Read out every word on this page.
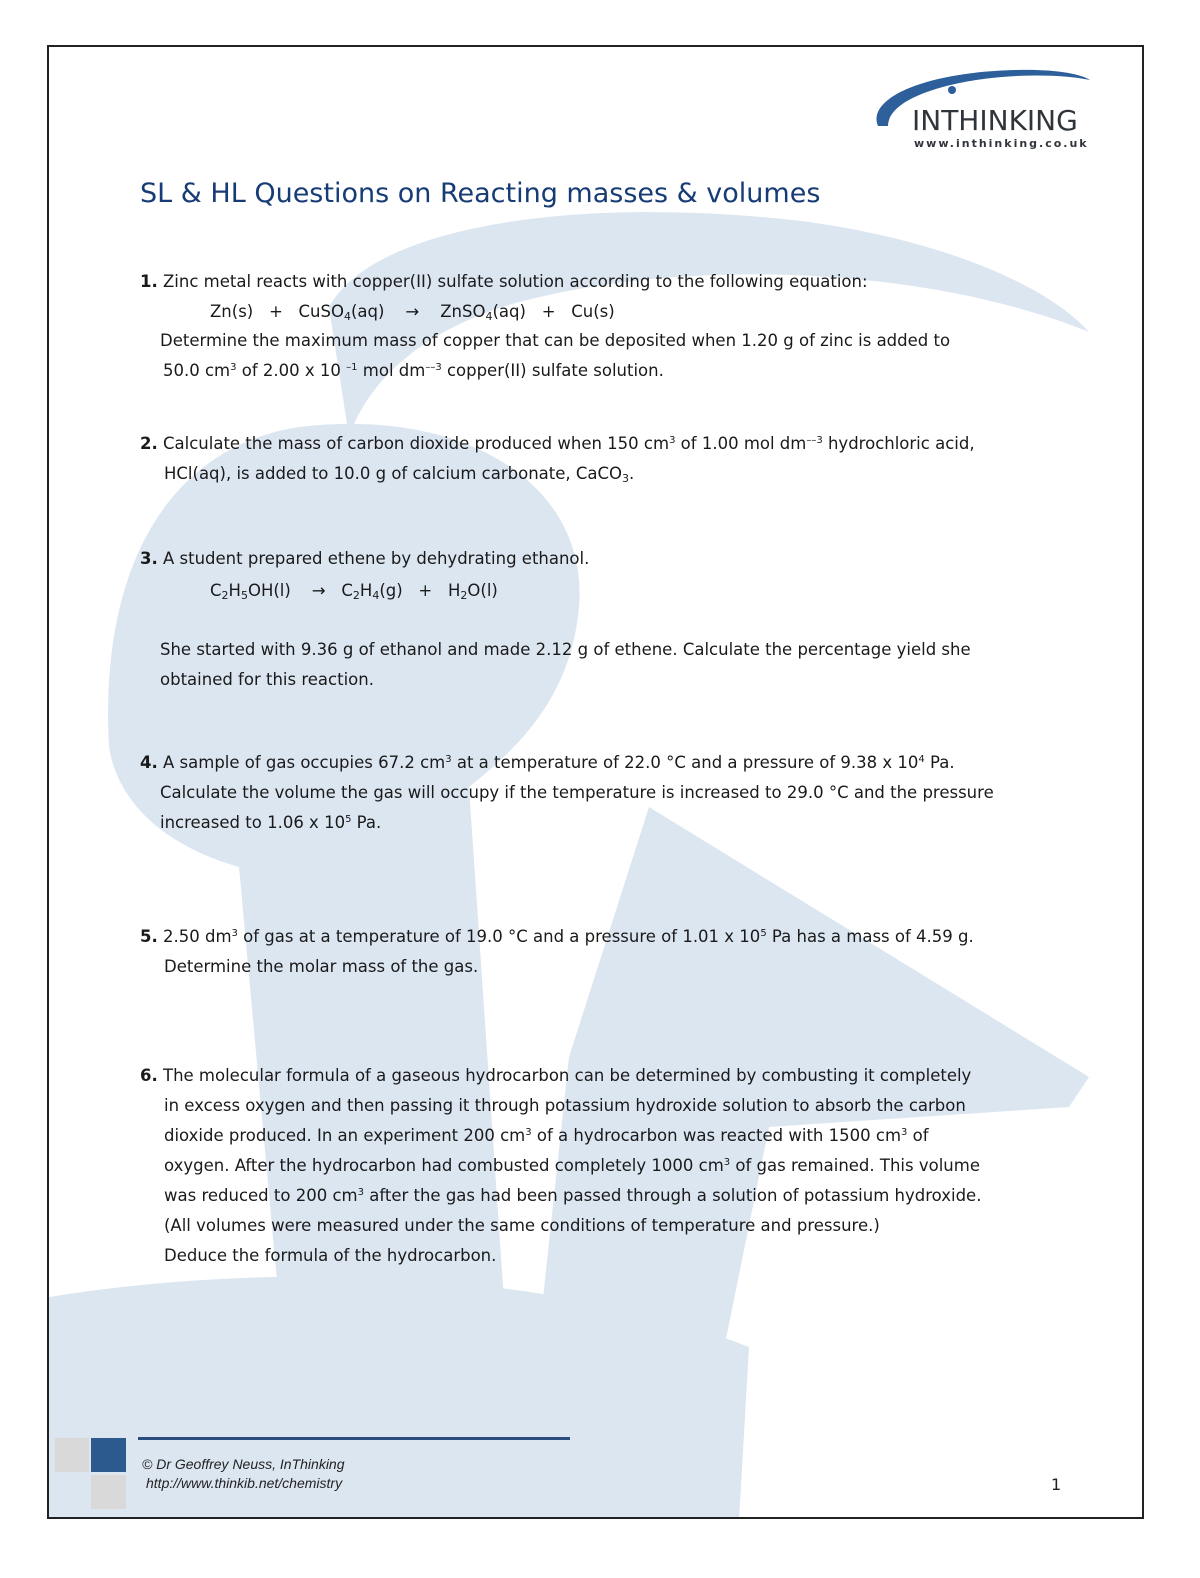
INTHINKING
www.inthinking.co.uk
SL & HL Questions on Reacting masses & volumes
1. Zinc metal reacts with copper(II) sulfate solution according to the following equation:
Zn(s)   +   CuSO$_4$(aq)    →    ZnSO$_4$(aq)   +   Cu(s)
Determine the maximum mass of copper that can be deposited when 1.20 g of zinc is added to
50.0 $cm^3$ of 2.00 x 10 $^{-1}$ mol $dm^{--3}$ copper(II) sulfate solution.
2. Calculate the mass of carbon dioxide produced when 150 $cm^3$ of 1.00 mol $dm^{--3}$ hydrochloric acid,
HCl(aq), is added to 10.0 g of calcium carbonate, CaCO$_3$.
3. A student prepared ethene by dehydrating ethanol.
$C_2H_5OH(l)$    →   $C_2H_4(g) + H_2O(l)$
She started with 9.36 g of ethanol and made 2.12 g of ethene. Calculate the percentage yield she
obtained for this reaction.
4. A sample of gas occupies 67.2 $cm^3$ at a temperature of 22.0 °C and a pressure of 9.38 x $10^4$ Pa.
Calculate the volume the gas will occupy if the temperature is increased to 29.0 °C and the pressure
increased to 1.06 x $10^5$ Pa.
5. 2.50 $dm^3$ of gas at a temperature of 19.0 °C and a pressure of 1.01 x $10^5$ Pa has a mass of 4.59 g.
Determine the molar mass of the gas.
6. The molecular formula of a gaseous hydrocarbon can be determined by combusting it completely
in excess oxygen and then passing it through potassium hydroxide solution to absorb the carbon
dioxide produced. In an experiment 200 $cm^3$ of a hydrocarbon was reacted with 1500 $cm^3$ of
oxygen. After the hydrocarbon had combusted completely 1000 $cm^3$ of gas remained. This volume
was reduced to 200 $cm^3$ after the gas had been passed through a solution of potassium hydroxide.
(All volumes were measured under the same conditions of temperature and pressure.)
Deduce the formula of the hydrocarbon.
© Dr Geoffrey Neuss, InThinking
http://www.thinkib.net/chemistry	1
